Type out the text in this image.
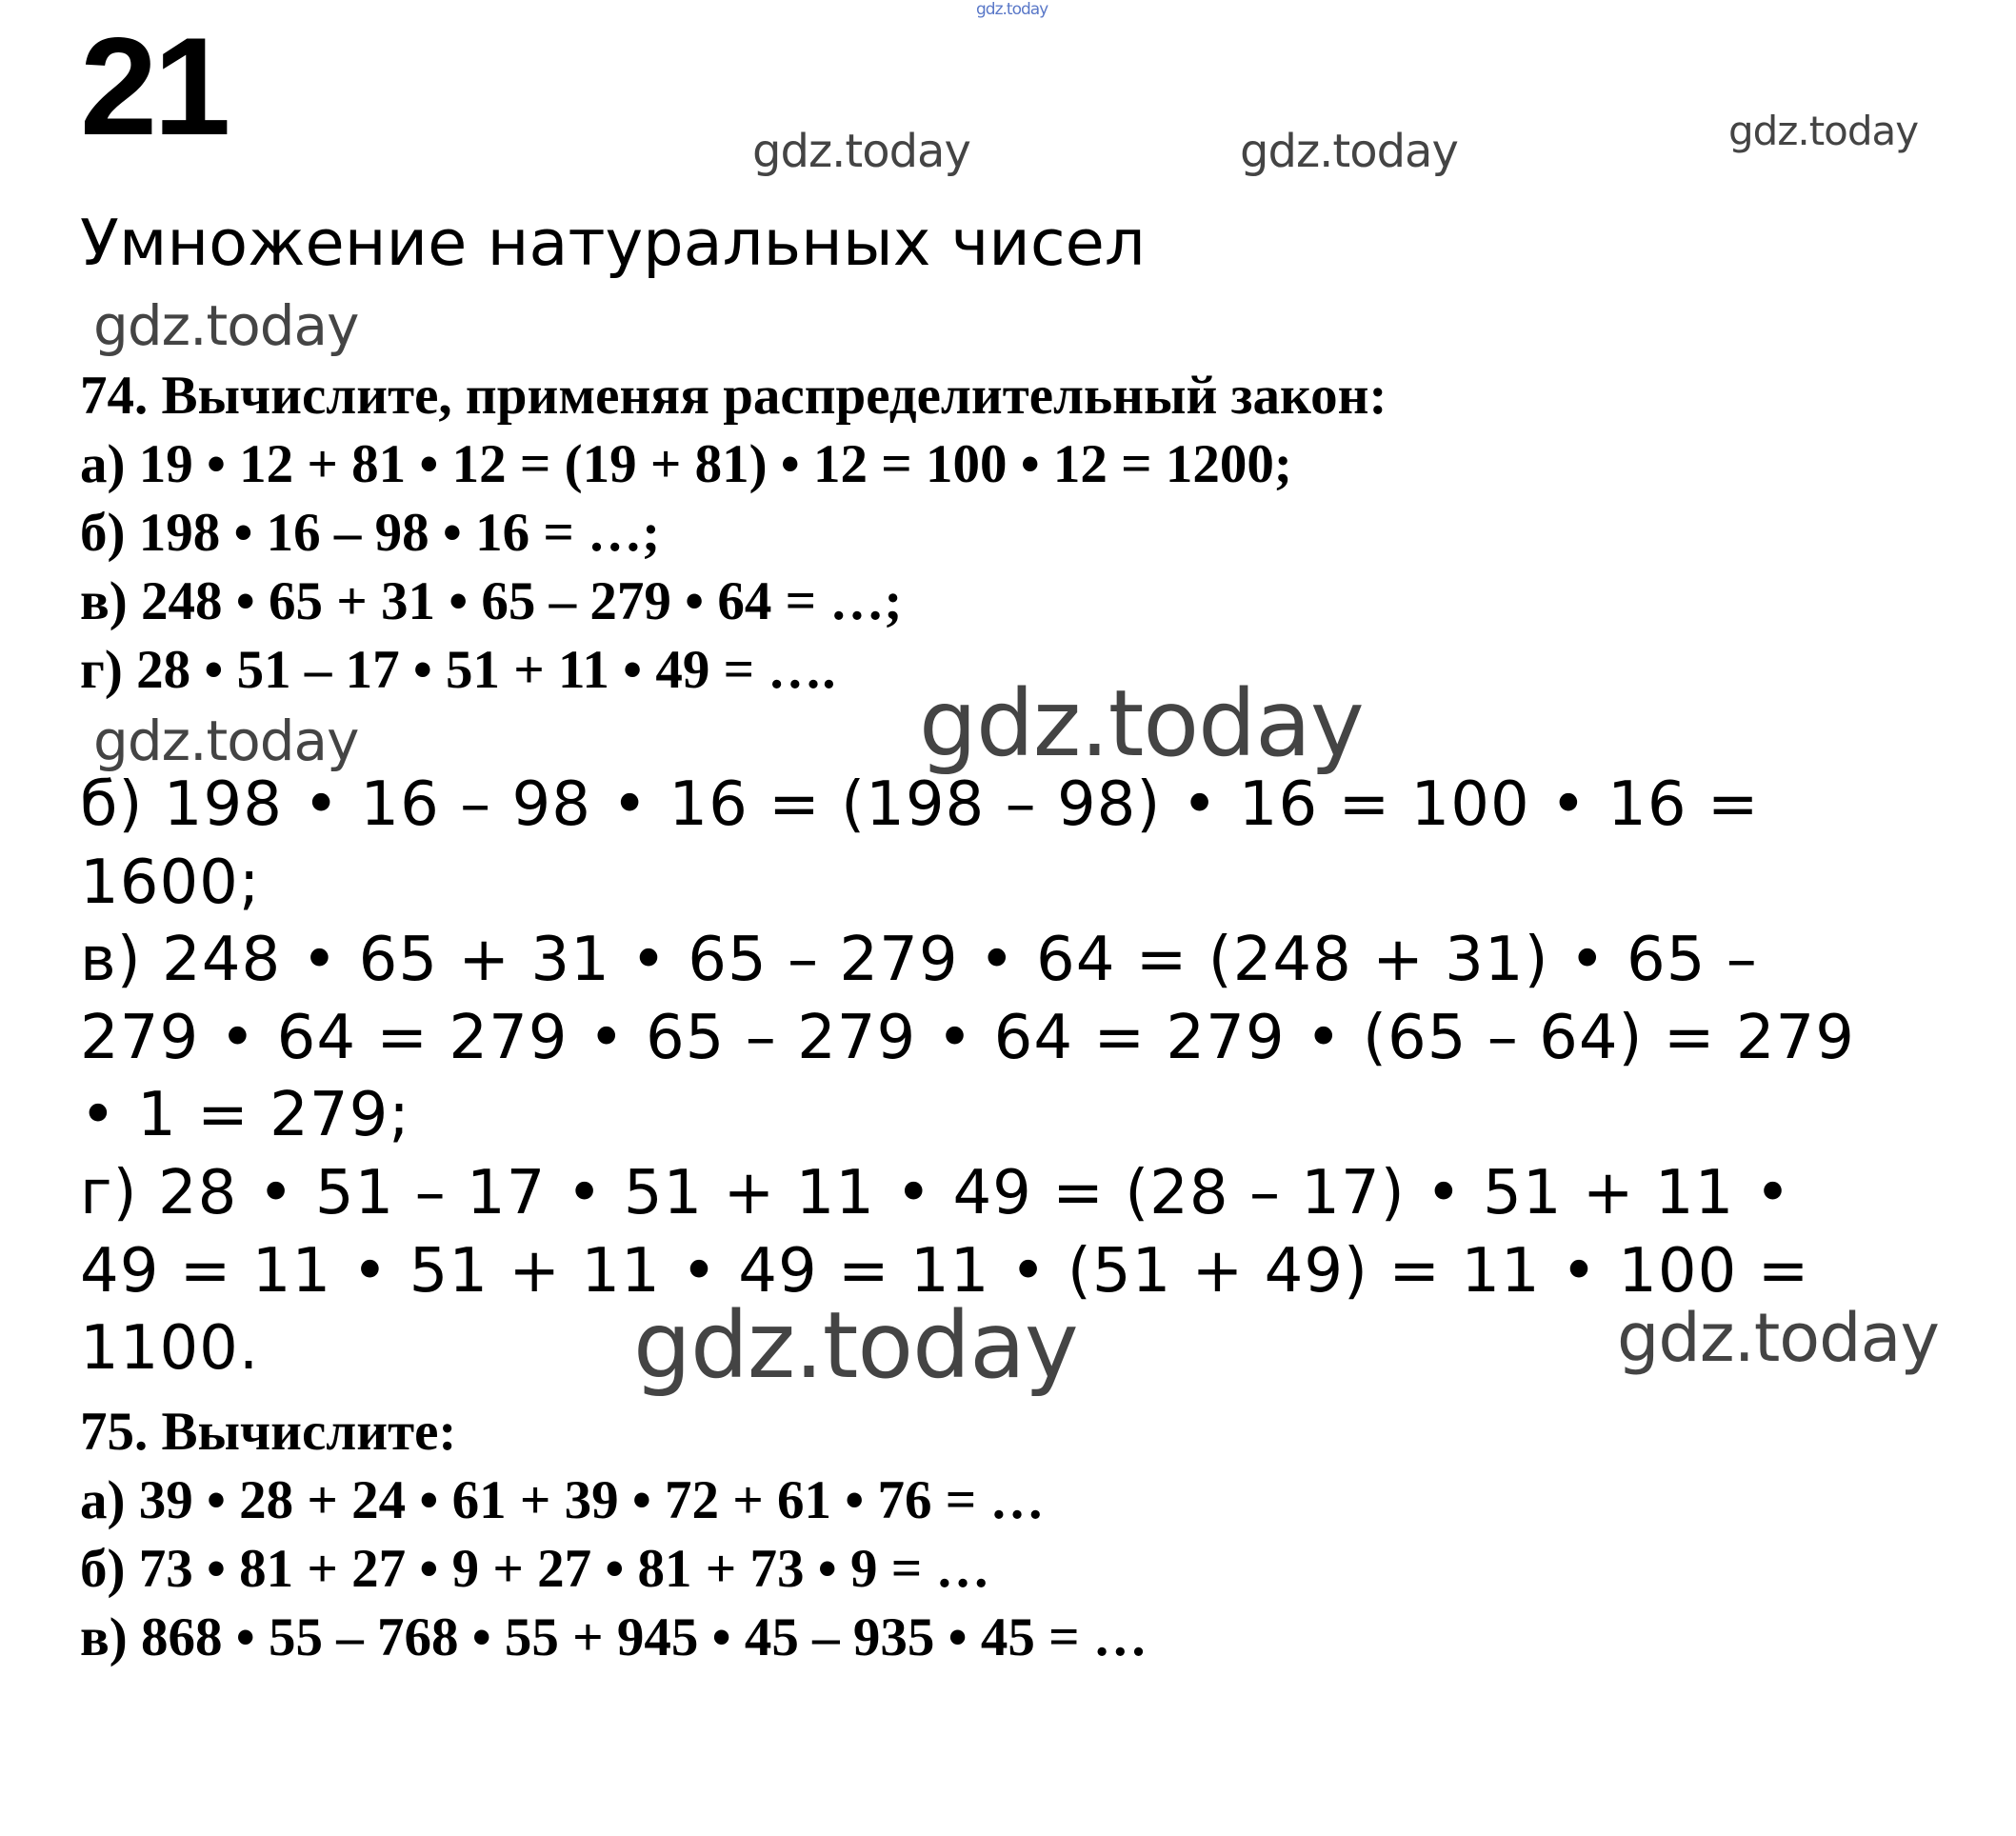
gdz.today
gdz.today	gdz.today	gdz.today
gdz.today
gdz.today	gdz.today
gdz.today	gdz.today
21
Умножение натуральных чисел
74. Вычислите, применяя распределительный закон:
а) 19 • 12 + 81 • 12 = (19 + 81) • 12 = 100 • 12 = 1200;
б) 198 • 16 – 98 • 16 = …;
в) 248 • 65 + 31 • 65 – 279 • 64 = …;
г) 28 • 51 – 17 • 51 + 11 • 49 = ….
б) 198 • 16 – 98 • 16 = (198 – 98) • 16 = 100 • 16 =
1600;
в) 248 • 65 + 31 • 65 – 279 • 64 = (248 + 31) • 65 –
279 • 64 = 279 • 65 – 279 • 64 = 279 • (65 – 64) = 279
• 1 = 279;
г) 28 • 51 – 17 • 51 + 11 • 49 = (28 – 17) • 51 + 11 •
49 = 11 • 51 + 11 • 49 = 11 • (51 + 49) = 11 • 100 =
1100.
75. Вычислите:
а) 39 • 28 + 24 • 61 + 39 • 72 + 61 • 76 = …
б) 73 • 81 + 27 • 9 + 27 • 81 + 73 • 9 = …
в) 868 • 55 – 768 • 55 + 945 • 45 – 935 • 45 = …
